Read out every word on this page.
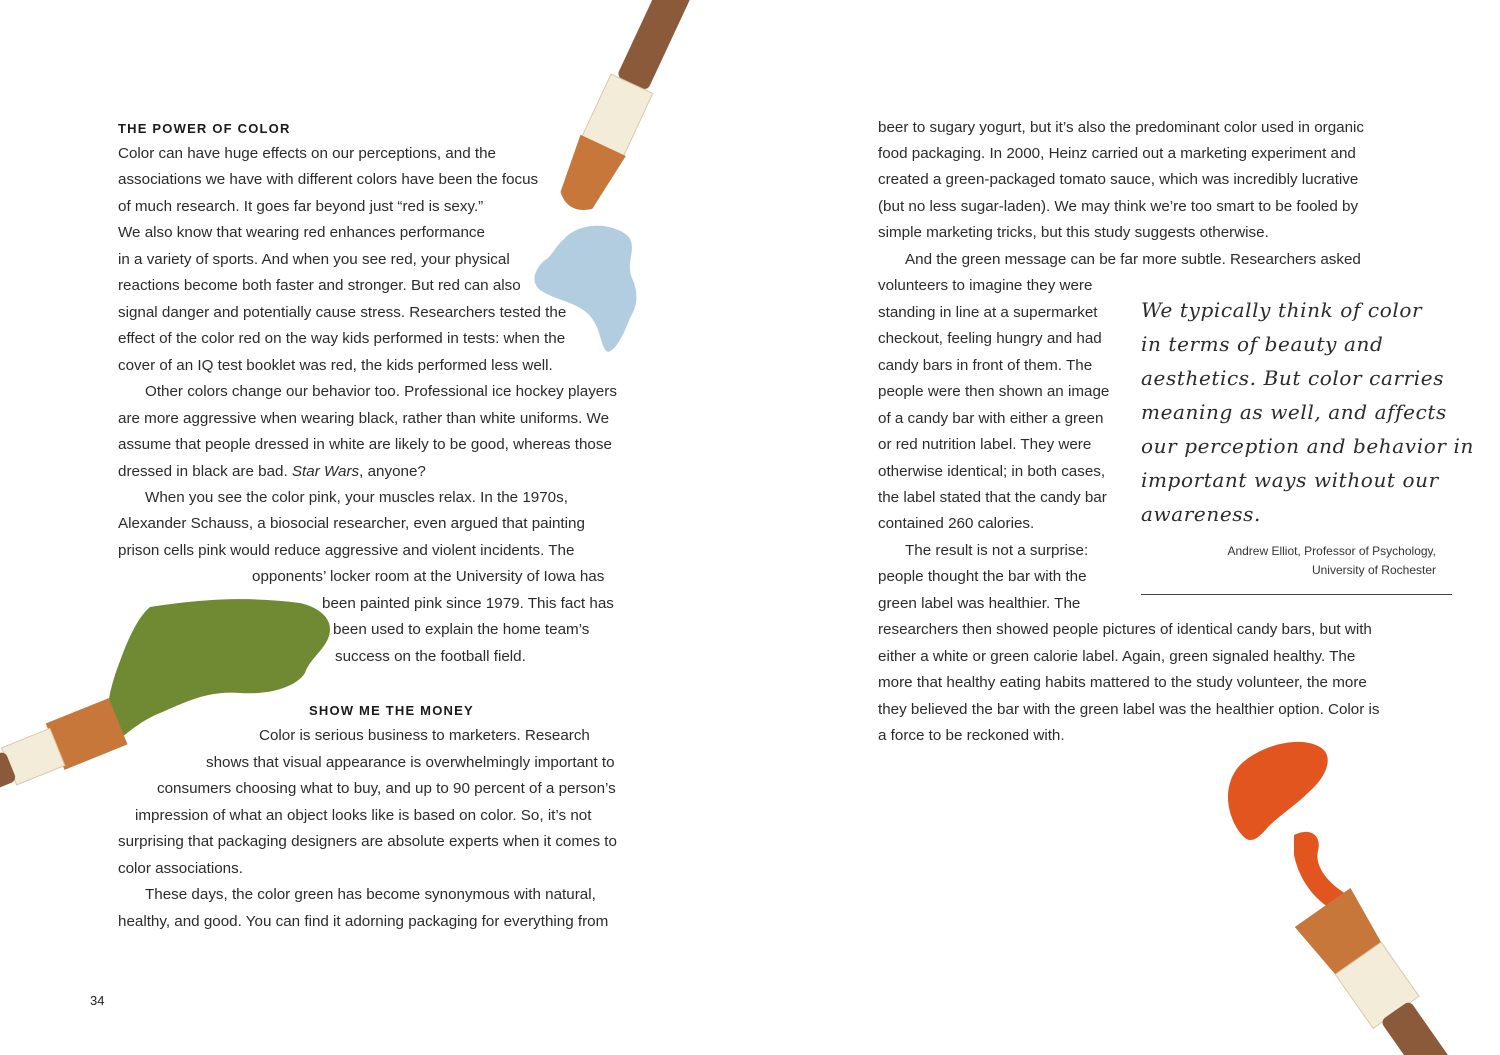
THE POWER OF COLOR
Color can have huge effects on our perceptions, and the
associations we have with different colors have been the focus
of much research. It goes far beyond just “red is sexy.”
We also know that wearing red enhances performance
in a variety of sports. And when you see red, your physical
reactions become both faster and stronger. But red can also
signal danger and potentially cause stress. Researchers tested the
effect of the color red on the way kids performed in tests: when the
cover of an IQ test booklet was red, the kids performed less well.
Other colors change our behavior too. Professional ice hockey players
are more aggressive when wearing black, rather than white uniforms. We
assume that people dressed in white are likely to be good, whereas those
dressed in black are bad. Star Wars, anyone?
When you see the color pink, your muscles relax. In the 1970s,
Alexander Schauss, a biosocial researcher, even argued that painting
prison cells pink would reduce aggressive and violent incidents. The
opponents’ locker room at the University of Iowa has
been painted pink since 1979. This fact has
been used to explain the home team’s
success on the football field.
SHOW ME THE MONEY
Color is serious business to marketers. Research
shows that visual appearance is overwhelmingly important to
consumers choosing what to buy, and up to 90 percent of a person’s
impression of what an object looks like is based on color. So, it’s not
surprising that packaging designers are absolute experts when it comes to
color associations.
These days, the color green has become synonymous with natural,
healthy, and good. You can find it adorning packaging for everything from
34
beer to sugary yogurt, but it’s also the predominant color used in organic
food packaging. In 2000, Heinz carried out a marketing experiment and
created a green-packaged tomato sauce, which was incredibly lucrative
(but no less sugar-laden). We may think we’re too smart to be fooled by
simple marketing tricks, but this study suggests otherwise.
And the green message can be far more subtle. Researchers asked
volunteers to imagine they were
standing in line at a supermarket
checkout, feeling hungry and had
candy bars in front of them. The
people were then shown an image
of a candy bar with either a green
or red nutrition label. They were
otherwise identical; in both cases,
the label stated that the candy bar
contained 260 calories.
The result is not a surprise:
people thought the bar with the
green label was healthier. The
researchers then showed people pictures of identical candy bars, but with
either a white or green calorie label. Again, green signaled healthy. The
more that healthy eating habits mattered to the study volunteer, the more
they believed the bar with the green label was the healthier option. Color is
a force to be reckoned with.
We typically think of color
in terms of beauty and
aesthetics. But color carries
meaning as well, and affects
our perception and behavior in
important ways without our
awareness.
Andrew Elliot, Professor of Psychology,
University of Rochester
